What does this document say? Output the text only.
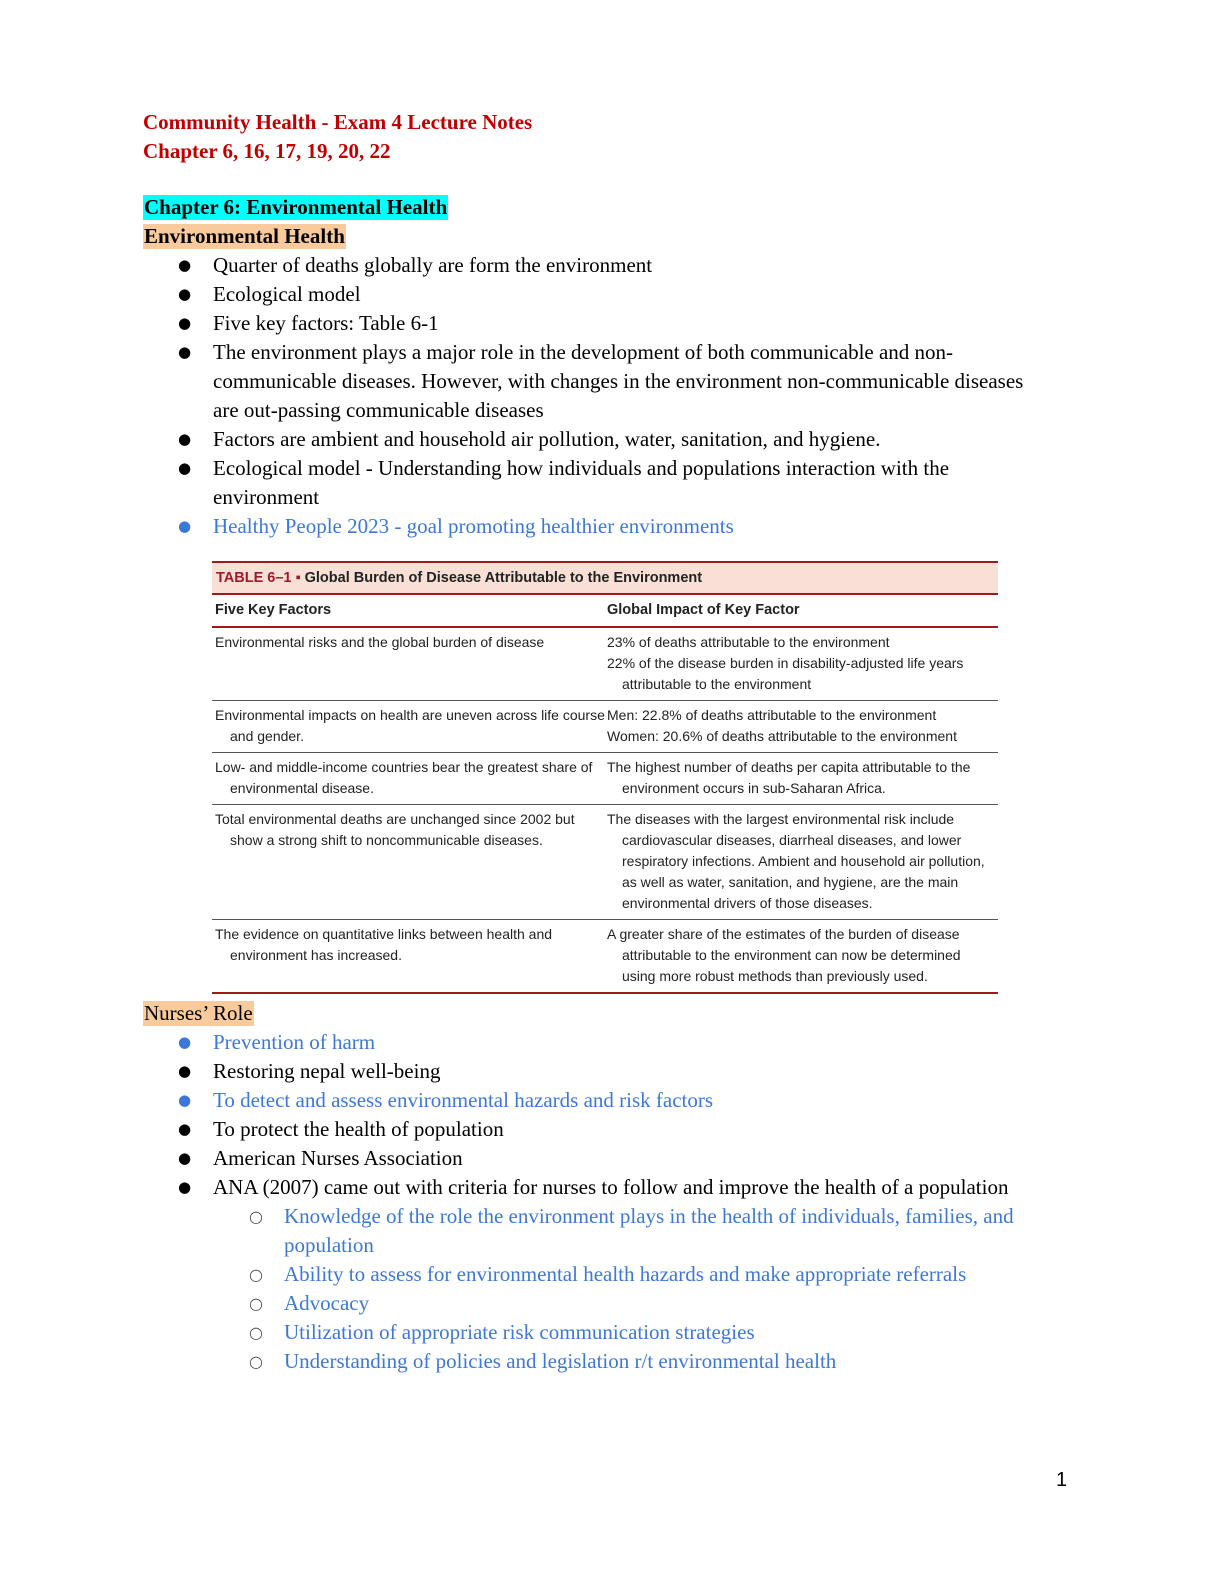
Community Health - Exam 4 Lecture Notes
Chapter 6, 16, 17, 19, 20, 22
Chapter 6: Environmental Health
Environmental Health
● Quarter of deaths globally are form the environment
● Ecological model
● Five key factors: Table 6-1
● The environment plays a major role in the development of both communicable and non-communicable diseases. However, with changes in the environment non-communicable diseases are out-passing communicable diseases
● Factors are ambient and household air pollution, water, sanitation, and hygiene.
● Ecological model - Understanding how individuals and populations interaction with the environment
● Healthy People 2023 - goal promoting healthier environments
TABLE 6–1 ▪ Global Burden of Disease Attributable to the Environment
Five Key Factors	Global Impact of Key Factor

Environmental risks and the global burden of disease	23% of deaths attributable to the environment

22% of the disease burden in disability-adjusted life years attributable to the environment

Environmental impacts on health are uneven across life course and gender.

Men: 22.8% of deaths attributable to the environment

Women: 20.6% of deaths attributable to the environment

Low- and middle-income countries bear the greatest share of environmental disease.

The highest number of deaths per capita attributable to the environment occurs in sub-Saharan Africa.

Total environmental deaths are unchanged since 2002 but show a strong shift to noncommunicable diseases.

The diseases with the largest environmental risk include cardiovascular diseases, diarrheal diseases, and lower respiratory infections. Ambient and household air pollution, as well as water, sanitation, and hygiene, are the main environmental drivers of those diseases.

The evidence on quantitative links between health and environment has increased.

A greater share of the estimates of the burden of disease attributable to the environment can now be determined using more robust methods than previously used.

Nurses’ Role
● Prevention of harm
● Restoring nepal well-being
● To detect and assess environmental hazards and risk factors
● To protect the health of population
● American Nurses Association
● ANA (2007) came out with criteria for nurses to follow and improve the health of a population
○ Knowledge of the role the environment plays in the health of individuals, families, and population
○ Ability to assess for environmental health hazards and make appropriate referrals
○ Advocacy
○ Utilization of appropriate risk communication strategies
○ Understanding of policies and legislation r/t environmental health
1
